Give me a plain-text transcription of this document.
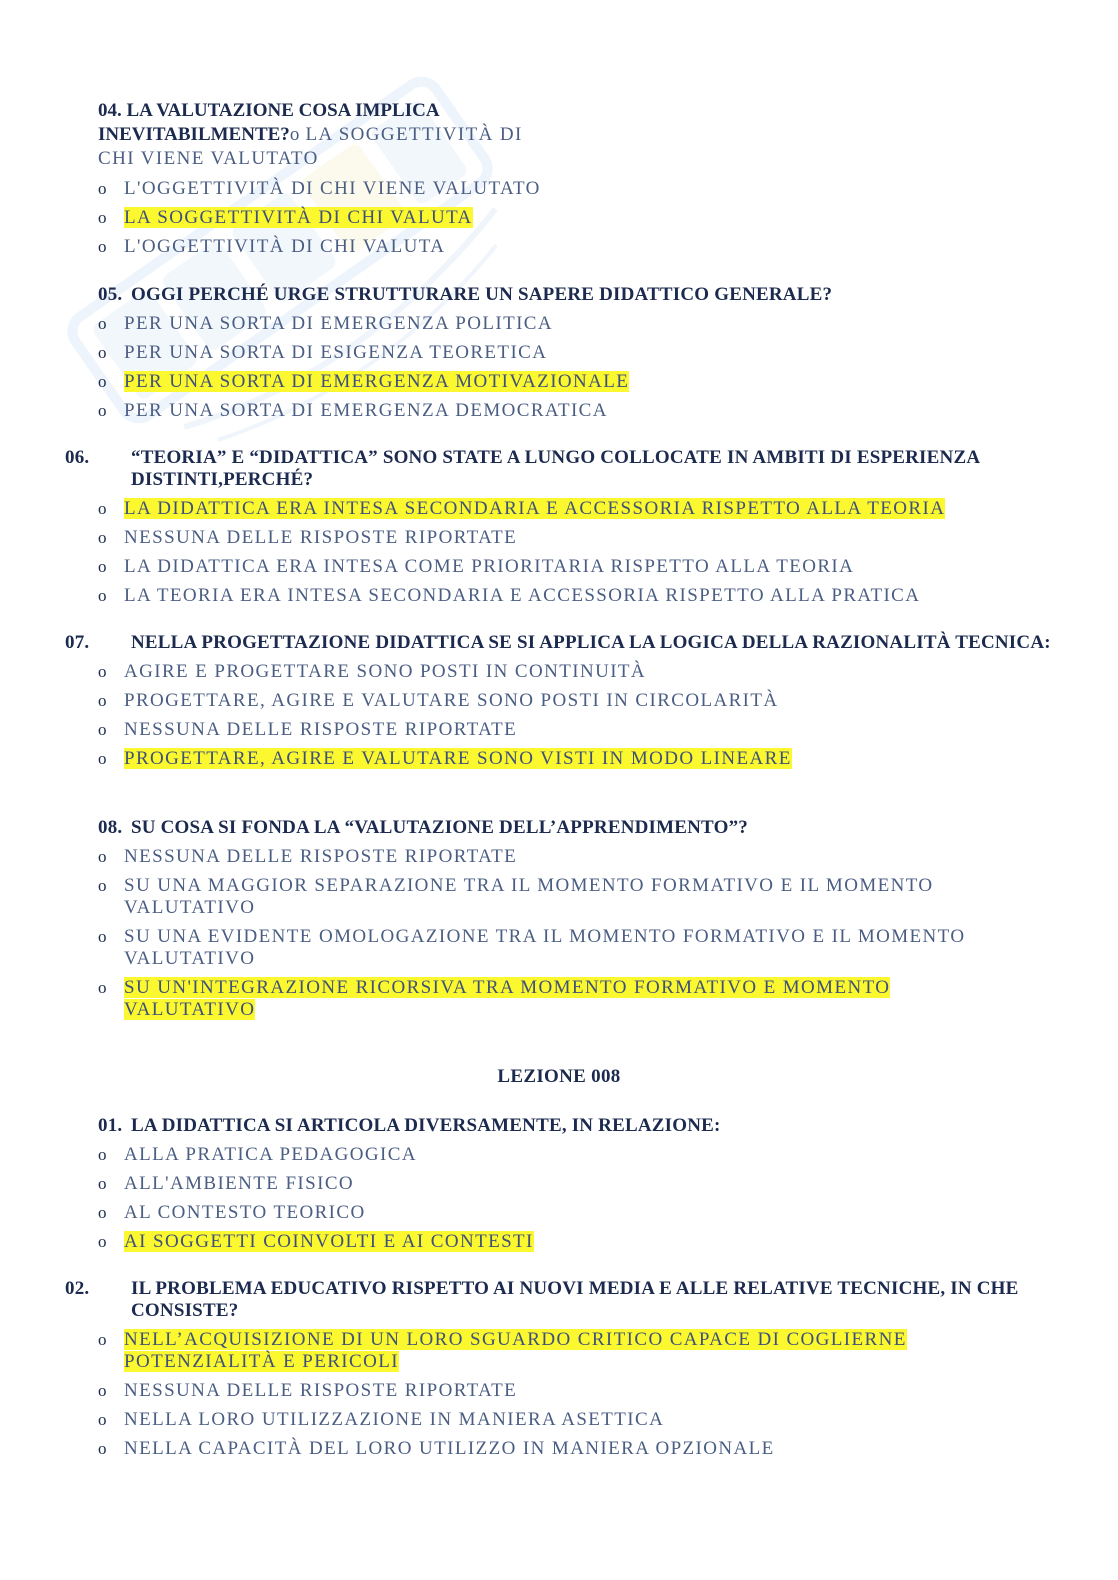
04. LA VALUTAZIONE COSA IMPLICA
INEVITABILMENTE?o LA SOGGETTIVITÀ DI
CHI VIENE VALUTATO
o L'OGGETTIVITÀ DI CHI VIENE VALUTATO
o LA SOGGETTIVITÀ DI CHI VALUTA
o L'OGGETTIVITÀ DI CHI VALUTA
05. OGGI PERCHÉ URGE STRUTTURARE UN SAPERE DIDATTICO GENERALE?
o PER UNA SORTA DI EMERGENZA POLITICA
o PER UNA SORTA DI ESIGENZA TEORETICA
o PER UNA SORTA DI EMERGENZA MOTIVAZIONALE
o PER UNA SORTA DI EMERGENZA DEMOCRATICA
06. “TEORIA” E “DIDATTICA” SONO STATE A LUNGO COLLOCATE IN AMBITI DI ESPERIENZA DISTINTI,PERCHÉ?
o LA DIDATTICA ERA INTESA SECONDARIA E ACCESSORIA RISPETTO ALLA TEORIA
o NESSUNA DELLE RISPOSTE RIPORTATE
o LA DIDATTICA ERA INTESA COME PRIORITARIA RISPETTO ALLA TEORIA
o LA TEORIA ERA INTESA SECONDARIA E ACCESSORIA RISPETTO ALLA PRATICA
07. NELLA PROGETTAZIONE DIDATTICA SE SI APPLICA LA LOGICA DELLA RAZIONALITÀ TECNICA:
o AGIRE E PROGETTARE SONO POSTI IN CONTINUITÀ
o PROGETTARE, AGIRE E VALUTARE SONO POSTI IN CIRCOLARITÀ
o NESSUNA DELLE RISPOSTE RIPORTATE
o PROGETTARE, AGIRE E VALUTARE SONO VISTI IN MODO LINEARE
08. SU COSA SI FONDA LA “VALUTAZIONE DELL’APPRENDIMENTO”?
o NESSUNA DELLE RISPOSTE RIPORTATE
o SU UNA MAGGIOR SEPARAZIONE TRA IL MOMENTO FORMATIVO E IL MOMENTO VALUTATIVO
o SU UNA EVIDENTE OMOLOGAZIONE TRA IL MOMENTO FORMATIVO E IL MOMENTO VALUTATIVO
o SU UN'INTEGRAZIONE RICORSIVA TRA MOMENTO FORMATIVO E MOMENTO VALUTATIVO
LEZIONE 008
01. LA DIDATTICA SI ARTICOLA DIVERSAMENTE, IN RELAZIONE:
o ALLA PRATICA PEDAGOGICA
o ALL'AMBIENTE FISICO
o AL CONTESTO TEORICO
o AI SOGGETTI COINVOLTI E AI CONTESTI
02. IL PROBLEMA EDUCATIVO RISPETTO AI NUOVI MEDIA E ALLE RELATIVE TECNICHE, IN CHE CONSISTE?
o NELL’ACQUISIZIONE DI UN LORO SGUARDO CRITICO CAPACE DI COGLIERNE POTENZIALITÀ E PERICOLI
o NESSUNA DELLE RISPOSTE RIPORTATE
o NELLA LORO UTILIZZAZIONE IN MANIERA ASETTICA
o NELLA CAPACITÀ DEL LORO UTILIZZO IN MANIERA OPZIONALE
